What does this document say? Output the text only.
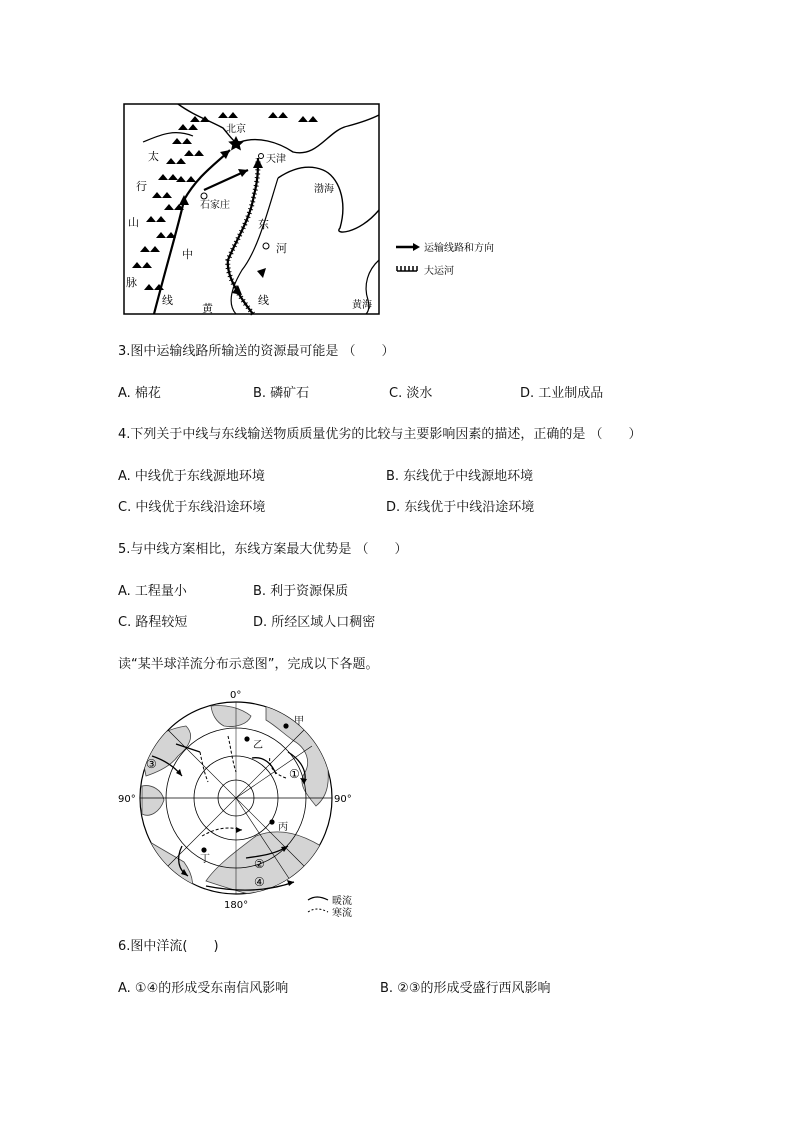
北京
天津
渤海
石家庄
太
行
山
脉
中
线
东
河
黄
线	黄海
运输线路和方向
大运河
3.图中运输线路所输送的资源最可能是 （　　）
A. 棉花	B. 磷矿石	C. 淡水	D. 工业制成品
4.下列关于中线与东线输送物质质量优劣的比较与主要影响因素的描述，正确的是 （　　）
A. 中线优于东线源地环境	B. 东线优于中线源地环境
C. 中线优于东线沿途环境	D. 东线优于中线沿途环境
5.与中线方案相比，东线方案最大优势是 （　　）
A. 工程量小	B. 利于资源保质
C. 路程较短	D. 所经区域人口稠密
读“某半球洋流分布示意图”，完成以下各题。
0°
90°	90°
180°
甲
乙
丙
丁
①
②
③
④
暖流
寒流
6.图中洋流(　　)
A. ①④的形成受东南信风影响	B. ②③的形成受盛行西风影响
